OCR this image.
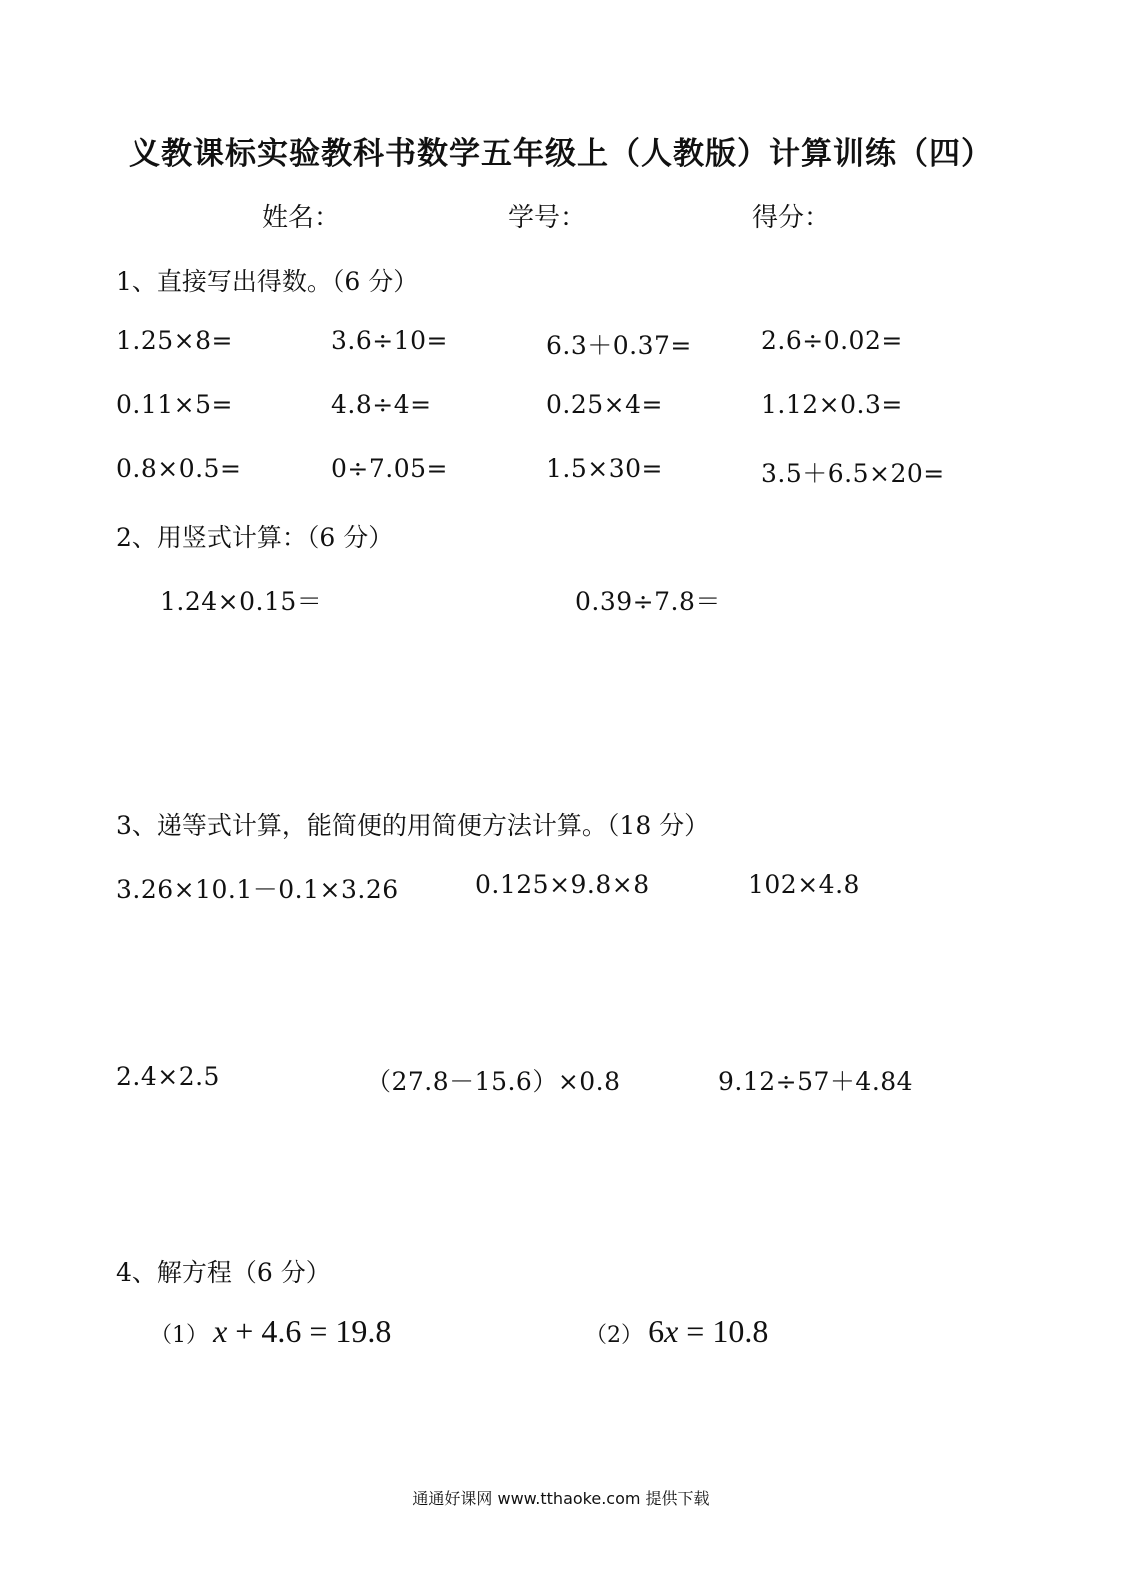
义教课标实验教科书数学五年级上（人教版）计算训练（四）
姓名：	学号：	得分：
1、直接写出得数。（6 分）
1.25×8=	3.6÷10=	6.3＋0.37=	2.6÷0.02=
0.11×5=	4.8÷4=	0.25×4=	1.12×0.3=
0.8×0.5=	0÷7.05=	1.5×30=	3.5＋6.5×20=
2、用竖式计算：（6 分）
1.24×0.15＝	0.39÷7.8＝
3、递等式计算，能简便的用简便方法计算。（18 分）
3.26×10.1－0.1×3.26	0.125×9.8×8	102×4.8
2.4×2.5	（27.8－15.6）×0.8	9.12÷57＋4.84
4、解方程（6 分）
（1） x + 4.6 = 19.8	（2） 6x = 10.8
通通好课网 www.tthaoke.com 提供下载
